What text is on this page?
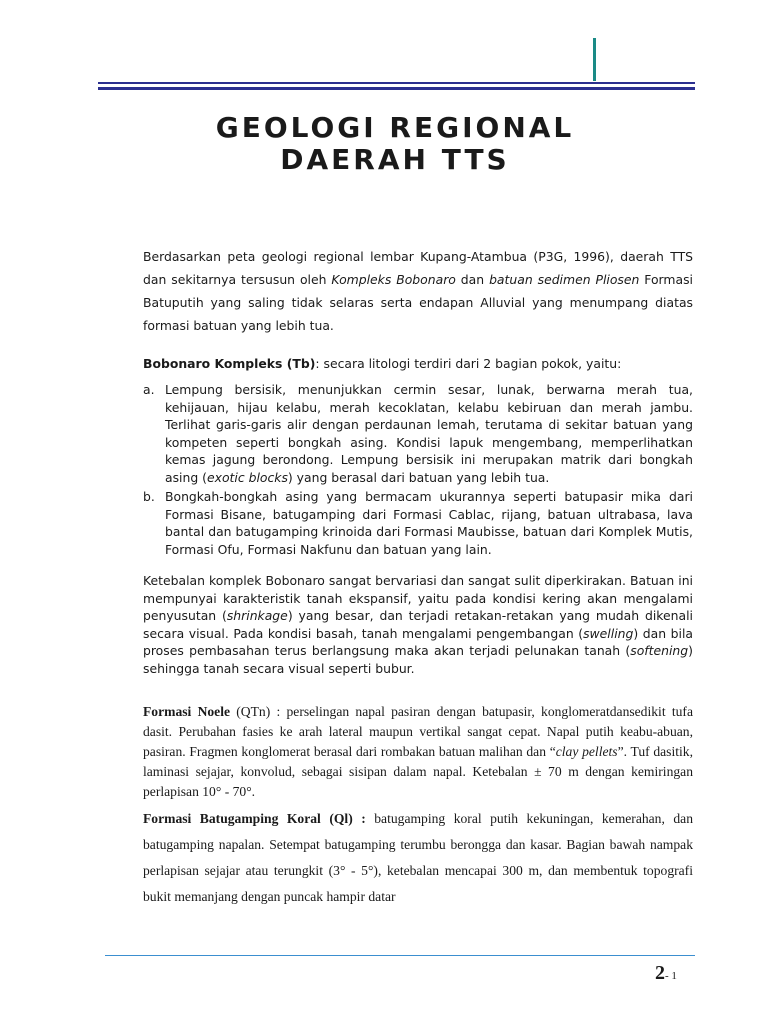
GEOLOGI REGIONAL
DAERAH TTS

Berdasarkan peta geologi regional lembar Kupang-Atambua (P3G, 1996), daerah TTS dan sekitarnya tersusun oleh Kompleks Bobonaro dan batuan sedimen Pliosen Formasi Batuputih yang saling tidak selaras serta endapan Alluvial yang menumpang diatas formasi batuan yang lebih tua.

Bobonaro Kompleks (Tb): secara litologi terdiri dari 2 bagian pokok, yaitu:

a. Lempung bersisik, menunjukkan cermin sesar, lunak, berwarna merah tua, kehijauan, hijau kelabu, merah kecoklatan, kelabu kebiruan dan merah jambu. Terlihat garis-garis alir dengan perdaunan lemah, terutama di sekitar batuan yang kompeten seperti bongkah asing. Kondisi lapuk mengembang, memperlihatkan kemas jagung berondong. Lempung bersisik ini merupakan matrik dari bongkah asing (exotic blocks) yang berasal dari batuan yang lebih tua.
b. Bongkah-bongkah asing yang bermacam ukurannya seperti batupasir mika dari Formasi Bisane, batugamping dari Formasi Cablac, rijang, batuan ultrabasa, lava bantal dan batugamping krinoida dari Formasi Maubisse, batuan dari Komplek Mutis, Formasi Ofu, Formasi Nakfunu dan batuan yang lain.

Ketebalan komplek Bobonaro sangat bervariasi dan sangat sulit diperkirakan. Batuan ini mempunyai karakteristik tanah ekspansif, yaitu pada kondisi kering akan mengalami penyusutan (shrinkage) yang besar, dan terjadi retakan-retakan yang mudah dikenali secara visual. Pada kondisi basah, tanah mengalami pengembangan (swelling) dan bila proses pembasahan terus berlangsung maka akan terjadi pelunakan tanah (softening) sehingga tanah secara visual seperti bubur.

Formasi Noele (QTn) : perselingan napal pasiran dengan batupasir, konglomeratdansedikit tufa dasit. Perubahan fasies ke arah lateral maupun vertikal sangat cepat. Napal putih keabu-abuan, pasiran. Fragmen konglomerat berasal dari rombakan batuan malihan dan “clay pellets”. Tuf dasitik, laminasi sejajar, konvolud, sebagai sisipan dalam napal. Ketebalan ± 70 m dengan kemiringan perlapisan 10° - 70°.

Formasi Batugamping Koral (Ql) : batugamping koral putih kekuningan, kemerahan, dan batugamping napalan. Setempat batugamping terumbu berongga dan kasar. Bagian bawah nampak perlapisan sejajar atau terungkit (3° - 5°), ketebalan mencapai 300 m, dan membentuk topografi bukit memanjang dengan puncak hampir datar

2- 1
